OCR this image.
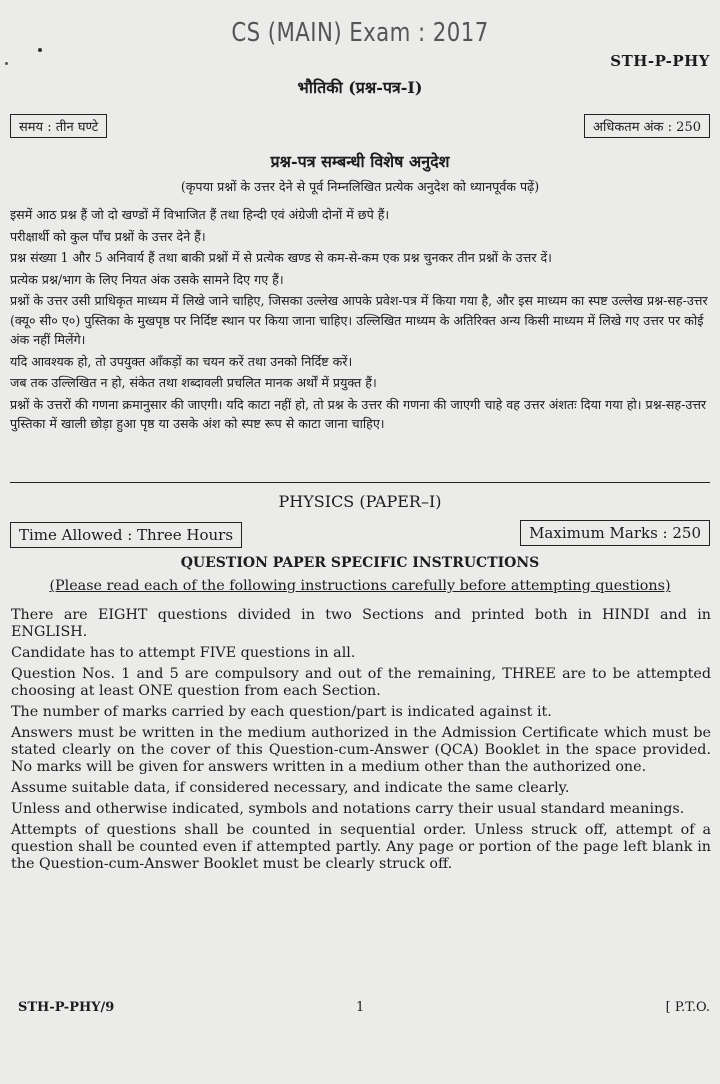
CS (MAIN) Exam : 2017
STH-P-PHY
भौतिकी (प्रश्न-पत्र-I)
समय : तीन घण्टे	अधिकतम अंक : 250
प्रश्न-पत्र सम्बन्धी विशेष अनुदेश
(कृपया प्रश्नों के उत्तर देने से पूर्व निम्नलिखित प्रत्येक अनुदेश को ध्यानपूर्वक पढ़ें)

इसमें आठ प्रश्न हैं जो दो खण्डों में विभाजित हैं तथा हिन्दी एवं अंग्रेजी दोनों में छपे हैं।

परीक्षार्थी को कुल पाँच प्रश्नों के उत्तर देने हैं।

प्रश्न संख्या 1 और 5 अनिवार्य हैं तथा बाकी प्रश्नों में से प्रत्येक खण्ड से कम-से-कम एक प्रश्न चुनकर तीन प्रश्नों के उत्तर दें।

प्रत्येक प्रश्न/भाग के लिए नियत अंक उसके सामने दिए गए हैं।

प्रश्नों के उत्तर उसी प्राधिकृत माध्यम में लिखे जाने चाहिए, जिसका उल्लेख आपके प्रवेश-पत्र में किया गया है, और इस माध्यम का स्पष्ट उल्लेख प्रश्न-सह-उत्तर (क्यू० सी० ए०) पुस्तिका के मुखपृष्ठ पर निर्दिष्ट स्थान पर किया जाना चाहिए। उल्लिखित माध्यम के अतिरिक्त अन्य किसी माध्यम में लिखे गए उत्तर पर कोई अंक नहीं मिलेंगे।

यदि आवश्यक हो, तो उपयुक्त आँकड़ों का चयन करें तथा उनको निर्दिष्ट करें।

जब तक उल्लिखित न हो, संकेत तथा शब्दावली प्रचलित मानक अर्थों में प्रयुक्त हैं।

प्रश्नों के उत्तरों की गणना क्रमानुसार की जाएगी। यदि काटा नहीं हो, तो प्रश्न के उत्तर की गणना की जाएगी चाहे वह उत्तर अंशतः दिया गया हो। प्रश्न-सह-उत्तर पुस्तिका में खाली छोड़ा हुआ पृष्ठ या उसके अंश को स्पष्ट रूप से काटा जाना चाहिए।

PHYSICS (PAPER–I)
Time Allowed : Three Hours	Maximum Marks : 250
QUESTION PAPER SPECIFIC INSTRUCTIONS
(Please read each of the following instructions carefully before attempting questions)

There are EIGHT questions divided in two Sections and printed both in HINDI and in ENGLISH.

Candidate has to attempt FIVE questions in all.

Question Nos. 1 and 5 are compulsory and out of the remaining, THREE are to be attempted choosing at least ONE question from each Section.

The number of marks carried by each question/part is indicated against it.

Answers must be written in the medium authorized in the Admission Certificate which must be stated clearly on the cover of this Question-cum-Answer (QCA) Booklet in the space provided. No marks will be given for answers written in a medium other than the authorized one.

Assume suitable data, if considered necessary, and indicate the same clearly.

Unless and otherwise indicated, symbols and notations carry their usual standard meanings.

Attempts of questions shall be counted in sequential order. Unless struck off, attempt of a question shall be counted even if attempted partly. Any page or portion of the page left blank in the Question-cum-Answer Booklet must be clearly struck off.

STH-P-PHY/9	1	[ P.T.O.
